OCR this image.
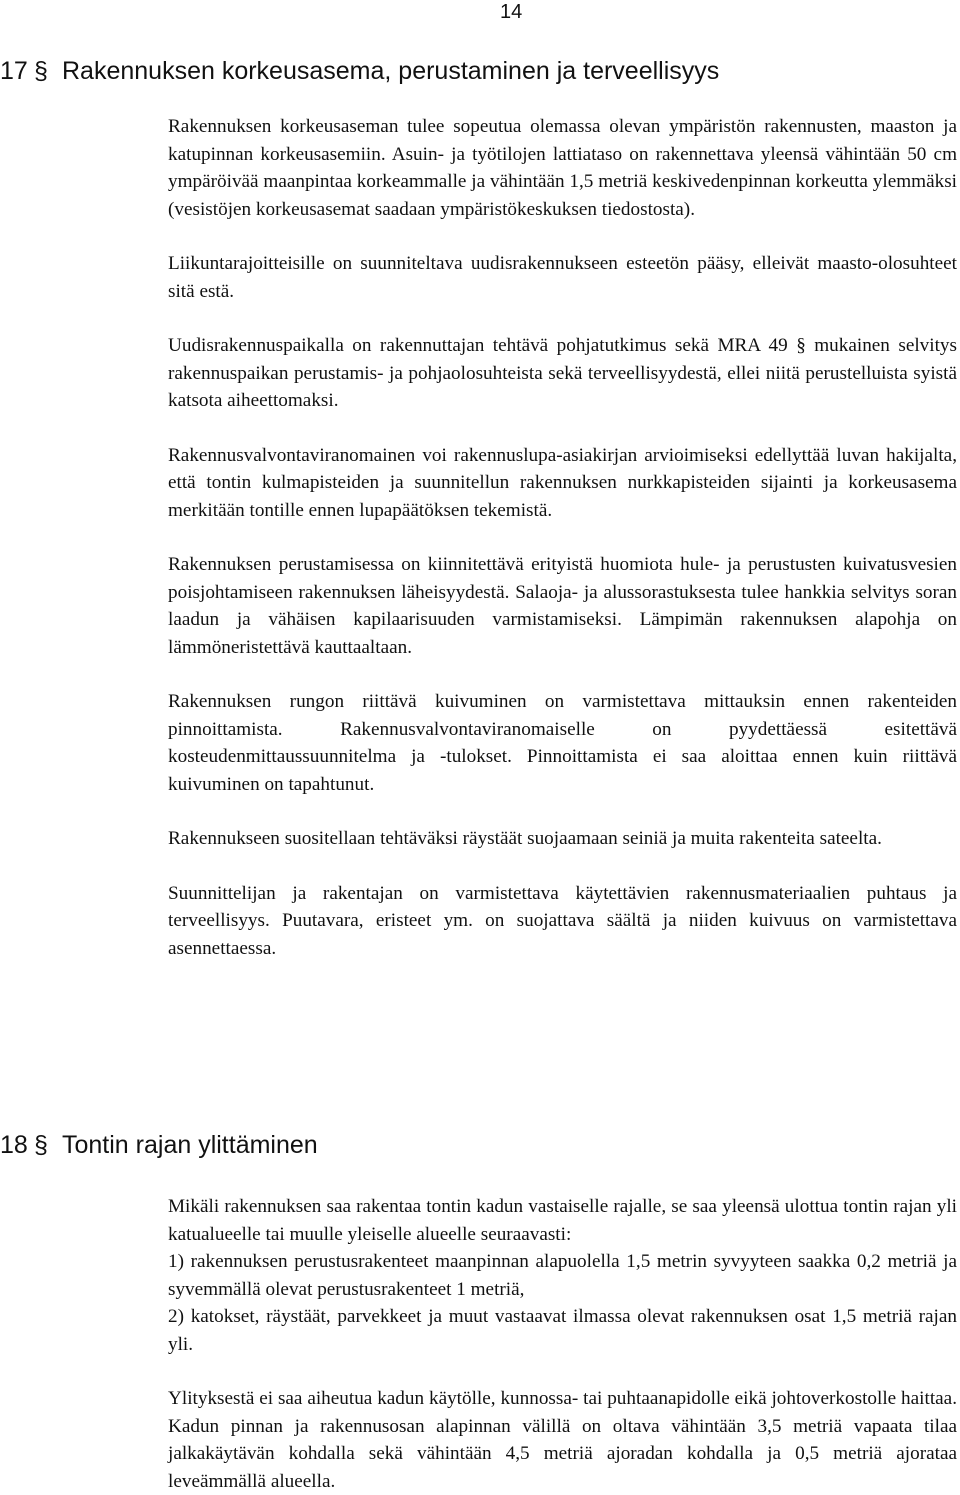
14
17 § Rakennuksen korkeusasema, perustaminen ja terveellisyys

Rakennuksen korkeusaseman tulee sopeutua olemassa olevan ympäristön rakennusten, maaston ja katupinnan korkeusasemiin. Asuin- ja työtilojen lattiataso on rakennettava yleensä vähintään 50 cm ympäröivää maanpintaa korkeammalle ja vähintään 1,5 metriä keskivedenpinnan korkeutta ylemmäksi (vesistöjen korkeusasemat saadaan ympäristökeskuksen tiedostosta).

Liikuntarajoitteisille on suunniteltava uudisrakennukseen esteetön pääsy, elleivät maasto-olosuhteet sitä estä.

Uudisrakennuspaikalla on rakennuttajan tehtävä pohjatutkimus sekä MRA 49 § mukainen selvitys rakennuspaikan perustamis- ja pohjaolosuhteista sekä terveellisyydestä, ellei niitä perustelluista syistä katsota aiheettomaksi.

Rakennusvalvontaviranomainen voi rakennuslupa-asiakirjan arvioimiseksi edellyttää luvan hakijalta, että tontin kulmapisteiden ja suunnitellun rakennuksen nurkkapisteiden sijainti ja korkeusasema merkitään tontille ennen lupapäätöksen tekemistä.

Rakennuksen perustamisessa on kiinnitettävä erityistä huomiota hule- ja perustusten kuivatusvesien poisjohtamiseen rakennuksen läheisyydestä. Salaoja- ja alussorastuksesta tulee hankkia selvitys soran laadun ja vähäisen kapilaarisuuden varmistamiseksi. Lämpimän rakennuksen alapohja on lämmöneristettävä kauttaaltaan.

Rakennuksen rungon riittävä kuivuminen on varmistettava mittauksin ennen rakenteiden pinnoittamista. Rakennusvalvontaviranomaiselle on pyydettäessä esitettävä kosteudenmittaussuunnitelma ja -tulokset. Pinnoittamista ei saa aloittaa ennen kuin riittävä kuivuminen on tapahtunut.

Rakennukseen suositellaan tehtäväksi räystäät suojaamaan seiniä ja muita rakenteita sateelta.

Suunnittelijan ja rakentajan on varmistettava käytettävien rakennusmateriaalien puhtaus ja terveellisyys. Puutavara, eristeet ym. on suojattava säältä ja niiden kuivuus on varmistettava asennettaessa.

18 § Tontin rajan ylittäminen

Mikäli rakennuksen saa rakentaa tontin kadun vastaiselle rajalle, se saa yleensä ulottua tontin rajan yli katualueelle tai muulle yleiselle alueelle seuraavasti:

1) rakennuksen perustusrakenteet maanpinnan alapuolella 1,5 metrin syvyyteen saakka 0,2 metriä ja syvemmällä olevat perustusrakenteet 1 metriä,

2) katokset, räystäät, parvekkeet ja muut vastaavat ilmassa olevat rakennuksen osat 1,5 metriä rajan yli.

Ylityksestä ei saa aiheutua kadun käytölle, kunnossa- tai puhtaanapidolle eikä johtoverkostolle haittaa. Kadun pinnan ja rakennusosan alapinnan välillä on oltava vähintään 3,5 metriä vapaata tilaa jalkakäytävän kohdalla sekä vähintään 4,5 metriä ajoradan kohdalla ja 0,5 metriä ajorataa leveämmällä alueella.
